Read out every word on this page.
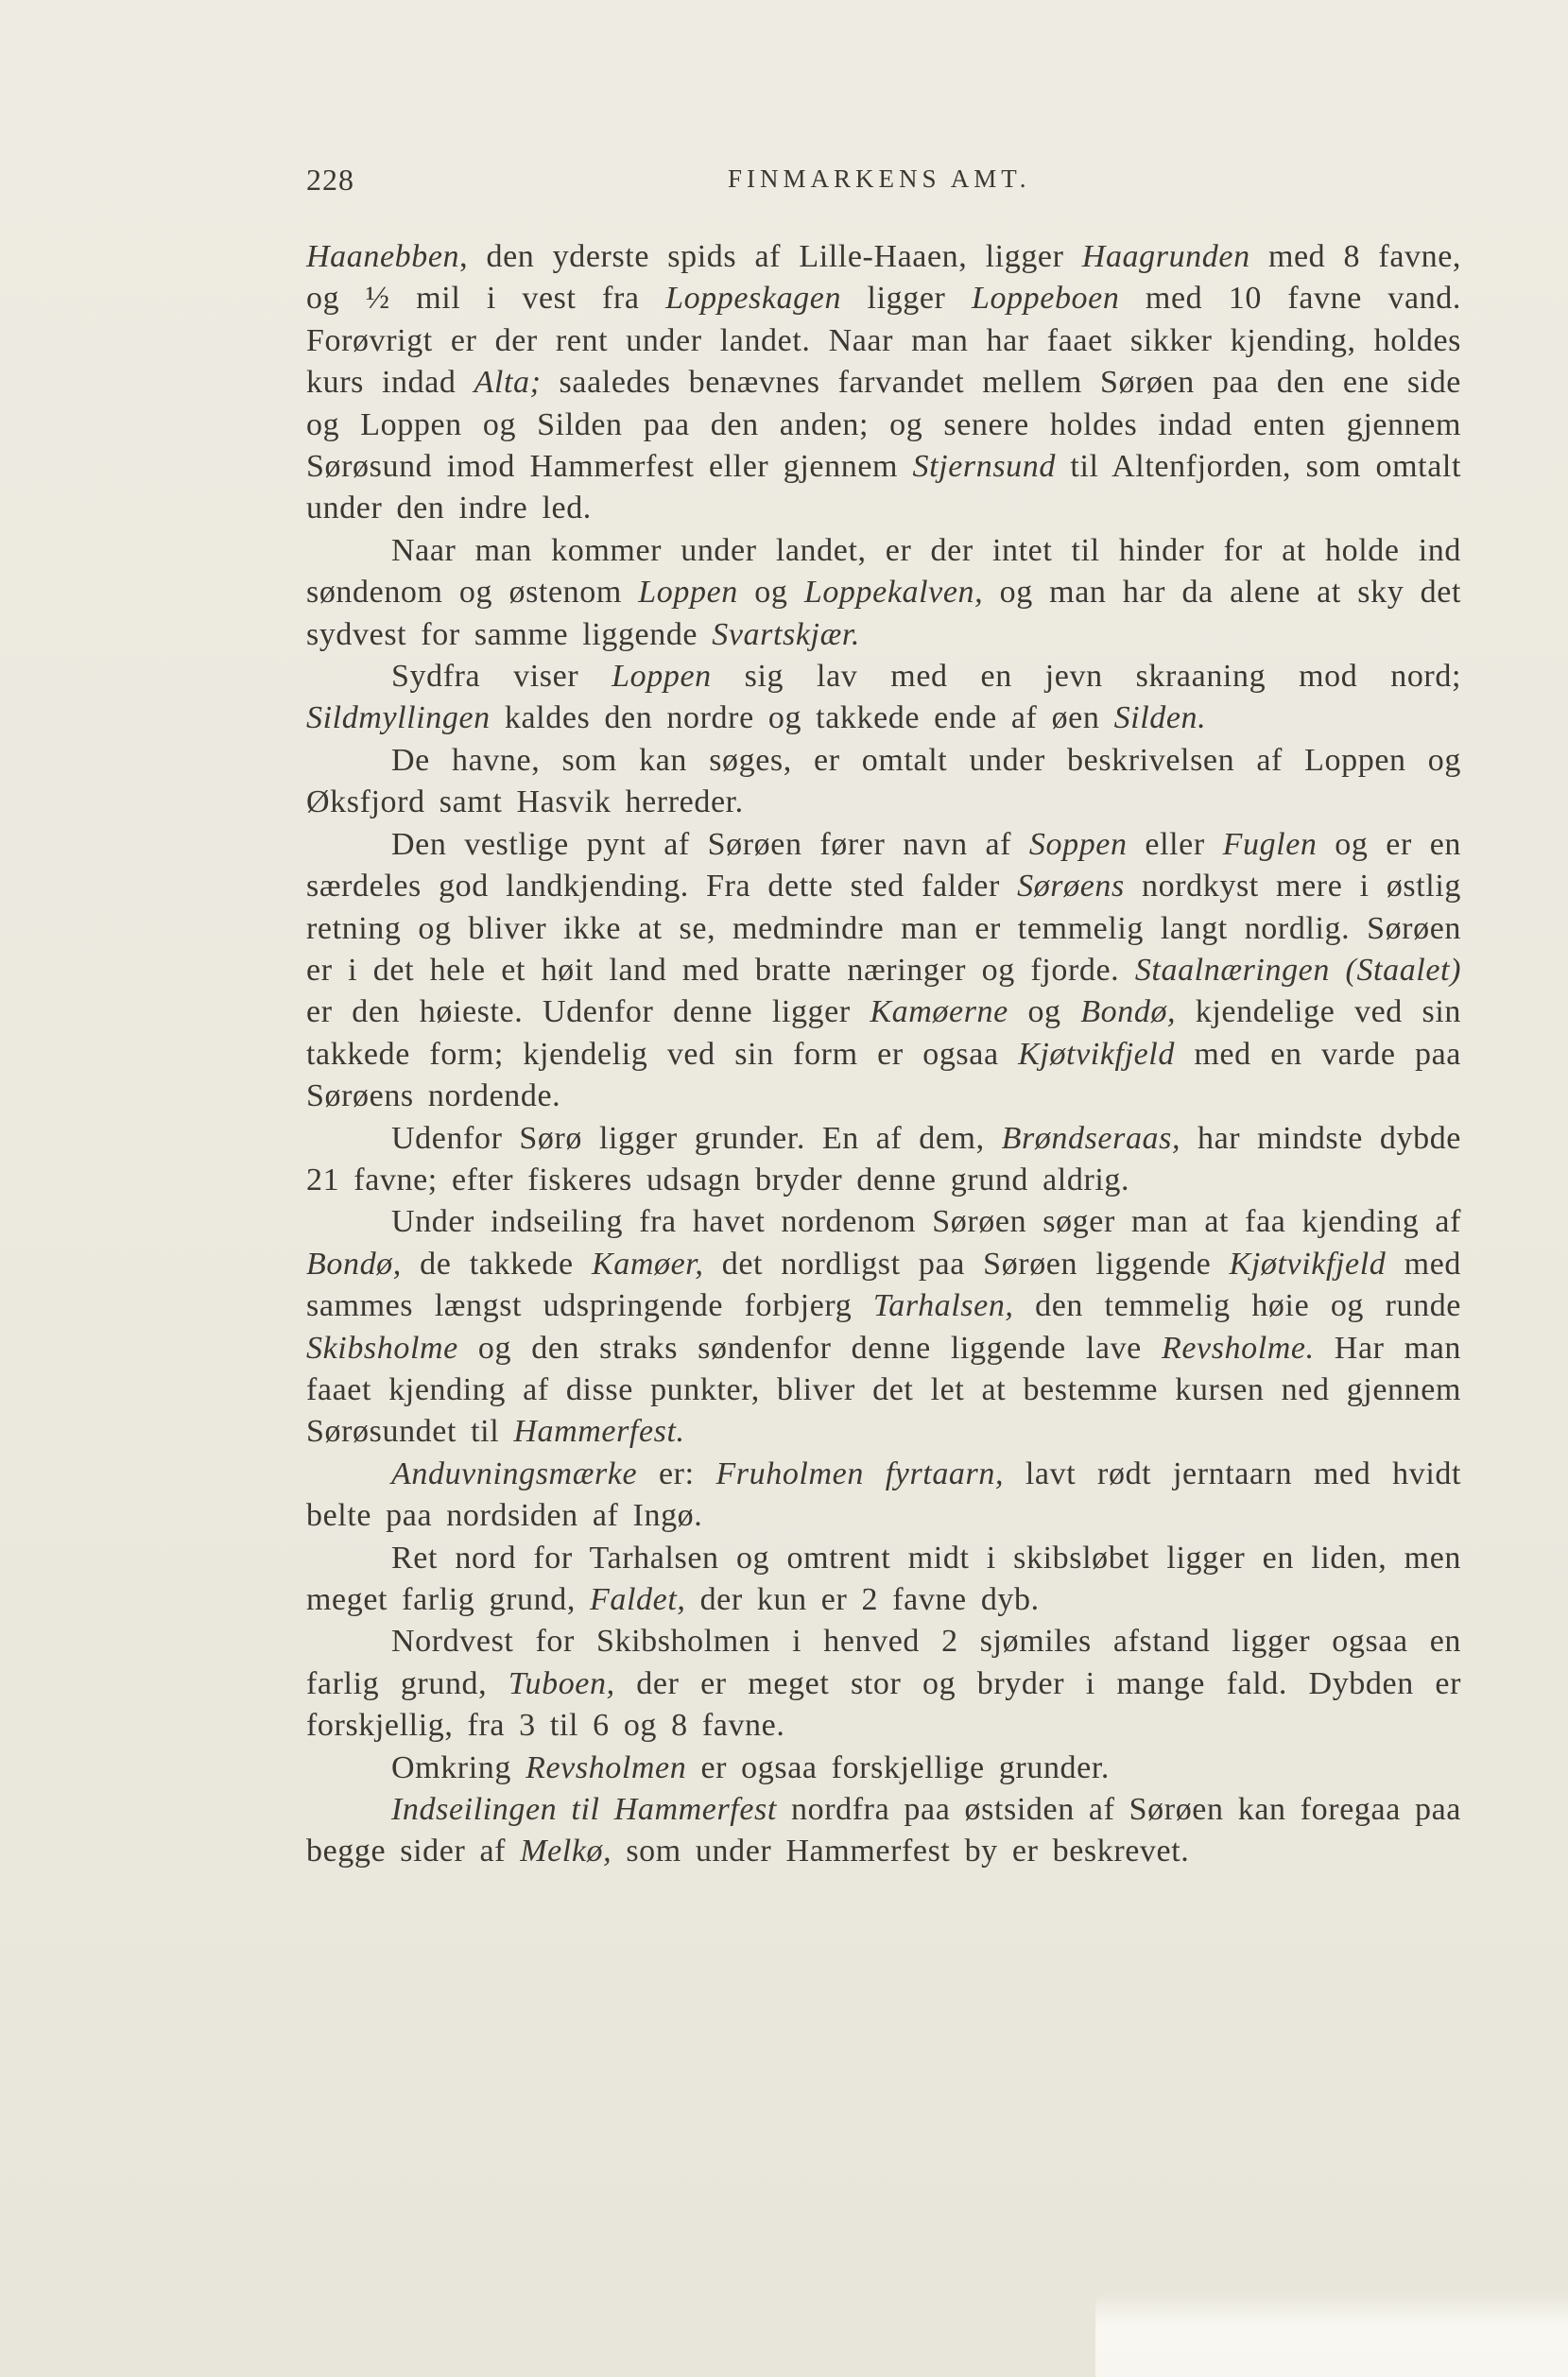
228	FINMARKENS AMT.

Haanebben, den yderste spids af Lille-Haaen, ligger Haagrunden med 8 favne, og ½ mil i vest fra Loppeskagen ligger Loppeboen med 10 favne vand. Forøvrigt er der rent under landet. Naar man har faaet sikker kjending, holdes kurs indad Alta; saaledes benævnes farvandet mellem Sørøen paa den ene side og Loppen og Silden paa den anden; og senere holdes indad enten gjennem Sørøsund imod Hammerfest eller gjennem Stjernsund til Altenfjorden, som omtalt under den indre led.

Naar man kommer under landet, er der intet til hinder for at holde ind søndenom og østenom Loppen og Loppekalven, og man har da alene at sky det sydvest for samme liggende Svartskjær.

Sydfra viser Loppen sig lav med en jevn skraaning mod nord; Sildmyllingen kaldes den nordre og takkede ende af øen Silden.

De havne, som kan søges, er omtalt under beskrivelsen af Loppen og Øksfjord samt Hasvik herreder.

Den vestlige pynt af Sørøen fører navn af Soppen eller Fuglen og er en særdeles god landkjending. Fra dette sted falder Sørøens nordkyst mere i østlig retning og bliver ikke at se, medmindre man er temmelig langt nordlig. Sørøen er i det hele et høit land med bratte næringer og fjorde. Staalnæringen (Staalet) er den høieste. Udenfor denne ligger Kamøerne og Bondø, kjendelige ved sin takkede form; kjendelig ved sin form er ogsaa Kjøtvikfjeld med en varde paa Sørøens nordende.

Udenfor Sørø ligger grunder. En af dem, Brøndseraas, har mindste dybde 21 favne; efter fiskeres udsagn bryder denne grund aldrig.

Under indseiling fra havet nordenom Sørøen søger man at faa kjending af Bondø, de takkede Kamøer, det nordligst paa Sørøen liggende Kjøtvikfjeld med sammes længst udspringende forbjerg Tarhalsen, den temmelig høie og runde Skibsholme og den straks søndenfor denne liggende lave Revsholme. Har man faaet kjending af disse punkter, bliver det let at bestemme kursen ned gjennem Sørøsundet til Hammerfest.

Anduvningsmærke er: Fruholmen fyrtaarn, lavt rødt jerntaarn med hvidt belte paa nordsiden af Ingø.

Ret nord for Tarhalsen og omtrent midt i skibsløbet ligger en liden, men meget farlig grund, Faldet, der kun er 2 favne dyb.

Nordvest for Skibsholmen i henved 2 sjømiles afstand ligger ogsaa en farlig grund, Tuboen, der er meget stor og bryder i mange fald. Dybden er forskjellig, fra 3 til 6 og 8 favne.

Omkring Revsholmen er ogsaa forskjellige grunder.

Indseilingen til Hammerfest nordfra paa østsiden af Sørøen kan foregaa paa begge sider af Melkø, som under Hammerfest by er beskrevet.
